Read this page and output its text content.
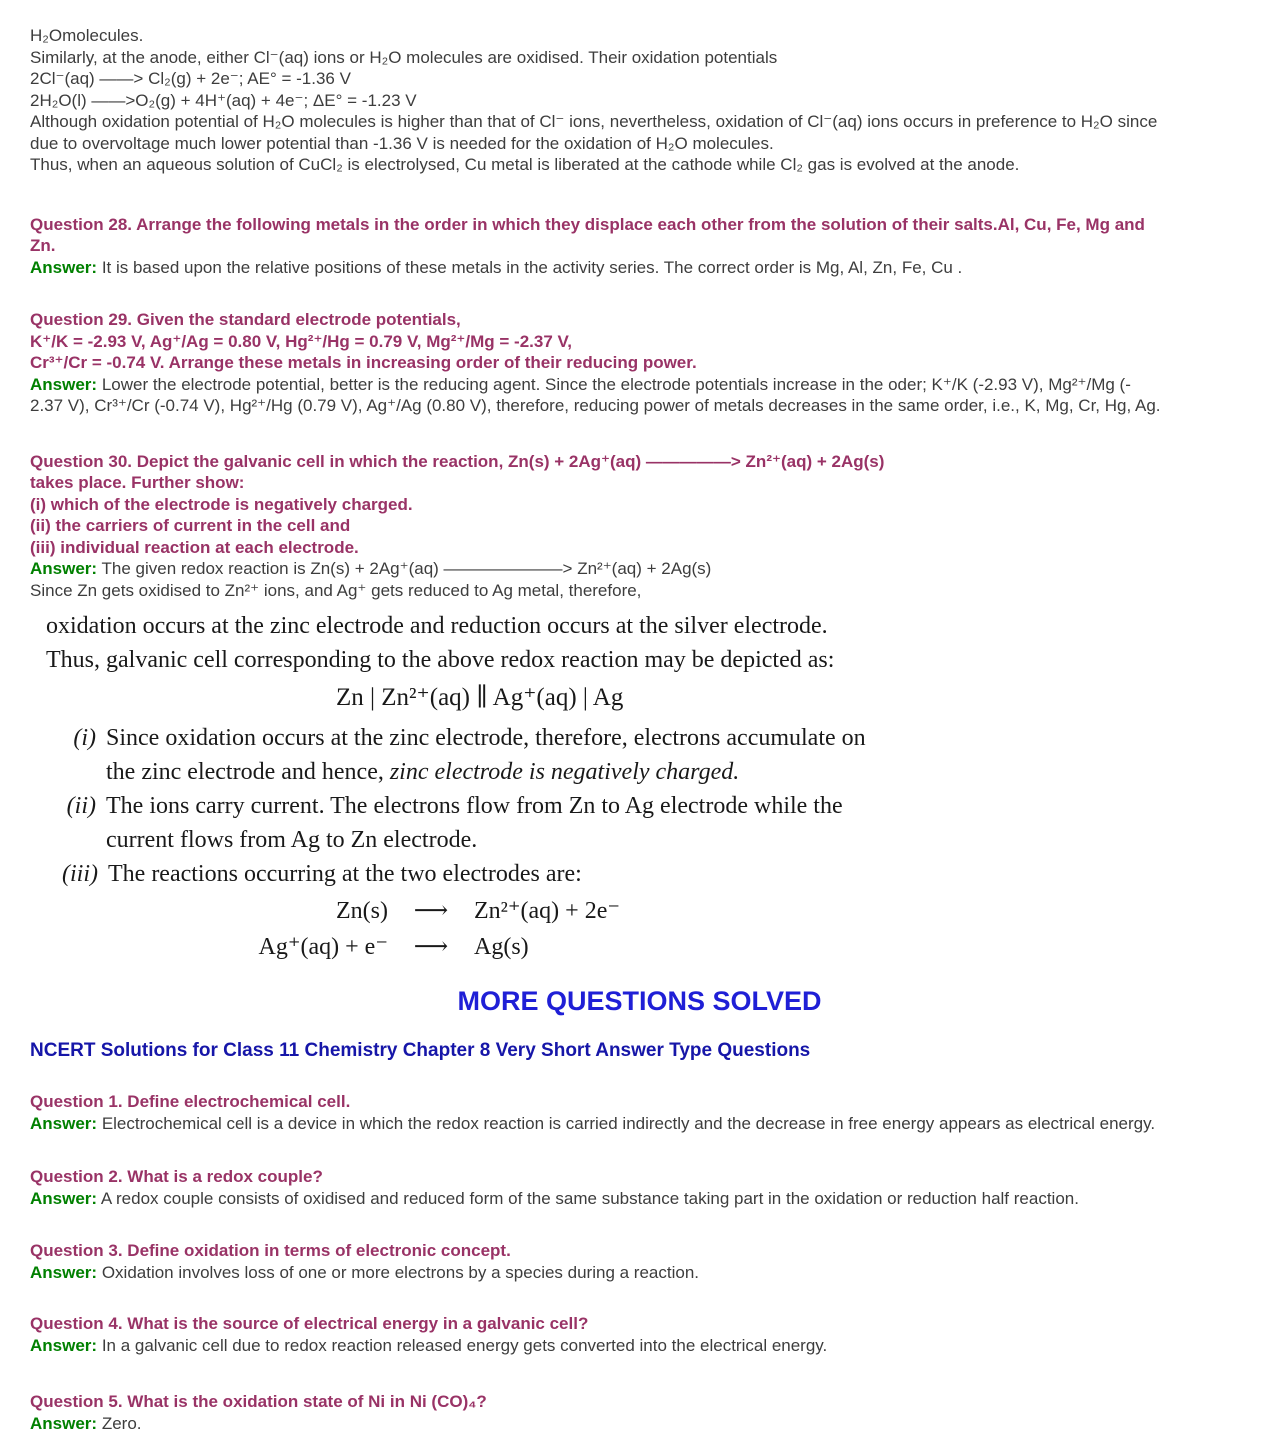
H₂Omolecules.

Similarly, at the anode, either Cl⁻(aq) ions or H₂O molecules are oxidised. Their oxidation potentials

2Cl⁻(aq) ——> Cl₂(g) + 2e⁻; AE° = -1.36 V

2H₂O(l) ——>O₂(g) + 4H⁺(aq) + 4e⁻; ΔE° = -1.23 V

Although oxidation potential of H₂O molecules is higher than that of Cl⁻ ions, nevertheless, oxidation of Cl⁻(aq) ions occurs in preference to H₂O since

due to overvoltage much lower potential than -1.36 V is needed for the oxidation of H₂O molecules.

Thus, when an aqueous solution of CuCl₂ is electrolysed, Cu metal is liberated at the cathode while Cl₂ gas is evolved at the anode.

Question 28. Arrange the following metals in the order in which they displace each other from the solution of their salts.Al, Cu, Fe, Mg and

Zn.

Answer: It is based upon the relative positions of these metals in the activity series. The correct order is Mg, Al, Zn, Fe, Cu .

Question 29. Given the standard electrode potentials,

K⁺/K = -2.93 V, Ag⁺/Ag = 0.80 V, Hg²⁺/Hg = 0.79 V, Mg²⁺/Mg = -2.37 V,

Cr³⁺/Cr = -0.74 V. Arrange these metals in increasing order of their reducing power.

Answer: Lower the electrode potential, better is the reducing agent. Since the electrode potentials increase in the oder; K⁺/K (-2.93 V), Mg²⁺/Mg (-

2.37 V), Cr³⁺/Cr (-0.74 V), Hg²⁺/Hg (0.79 V), Ag⁺/Ag (0.80 V), therefore, reducing power of metals decreases in the same order, i.e., K, Mg, Cr, Hg, Ag.

Question 30. Depict the galvanic cell in which the reaction, Zn(s) + 2Ag⁺(aq) —————> Zn²⁺(aq) + 2Ag(s)

takes place. Further show:

(i) which of the electrode is negatively charged.

(ii) the carriers of current in the cell and

(iii) individual reaction at each electrode.

Answer: The given redox reaction is Zn(s) + 2Ag⁺(aq) ———————> Zn²⁺(aq) + 2Ag(s)

Since Zn gets oxidised to Zn²⁺ ions, and Ag⁺ gets reduced to Ag metal, therefore,

oxidation occurs at the zinc electrode and reduction occurs at the silver electrode.

Thus, galvanic cell corresponding to the above redox reaction may be depicted as:

Zn | Zn²⁺(aq) ∥ Ag⁺(aq) | Ag

(i) Since oxidation occurs at the zinc electrode, therefore, electrons accumulate on

the zinc electrode and hence, zinc electrode is negatively charged.

(ii) The ions carry current. The electrons flow from Zn to Ag electrode while the

current flows from Ag to Zn electrode.

(iii) The reactions occurring at the two electrodes are:

Zn(s)	⟶	Zn²⁺(aq) + 2e⁻
Ag⁺(aq) + e⁻	⟶	Ag(s)
MORE QUESTIONS SOLVED
NCERT Solutions for Class 11 Chemistry Chapter 8 Very Short Answer Type Questions

Question 1. Define electrochemical cell.

Answer: Electrochemical cell is a device in which the redox reaction is carried indirectly and the decrease in free energy appears as electrical energy.

Question 2. What is a redox couple?

Answer: A redox couple consists of oxidised and reduced form of the same substance taking part in the oxidation or reduction half reaction.

Question 3. Define oxidation in terms of electronic concept.

Answer: Oxidation involves loss of one or more electrons by a species during a reaction.

Question 4. What is the source of electrical energy in a galvanic cell?

Answer: In a galvanic cell due to redox reaction released energy gets converted into the electrical energy.

Question 5. What is the oxidation state of Ni in Ni (CO)₄?

Answer: Zero.
